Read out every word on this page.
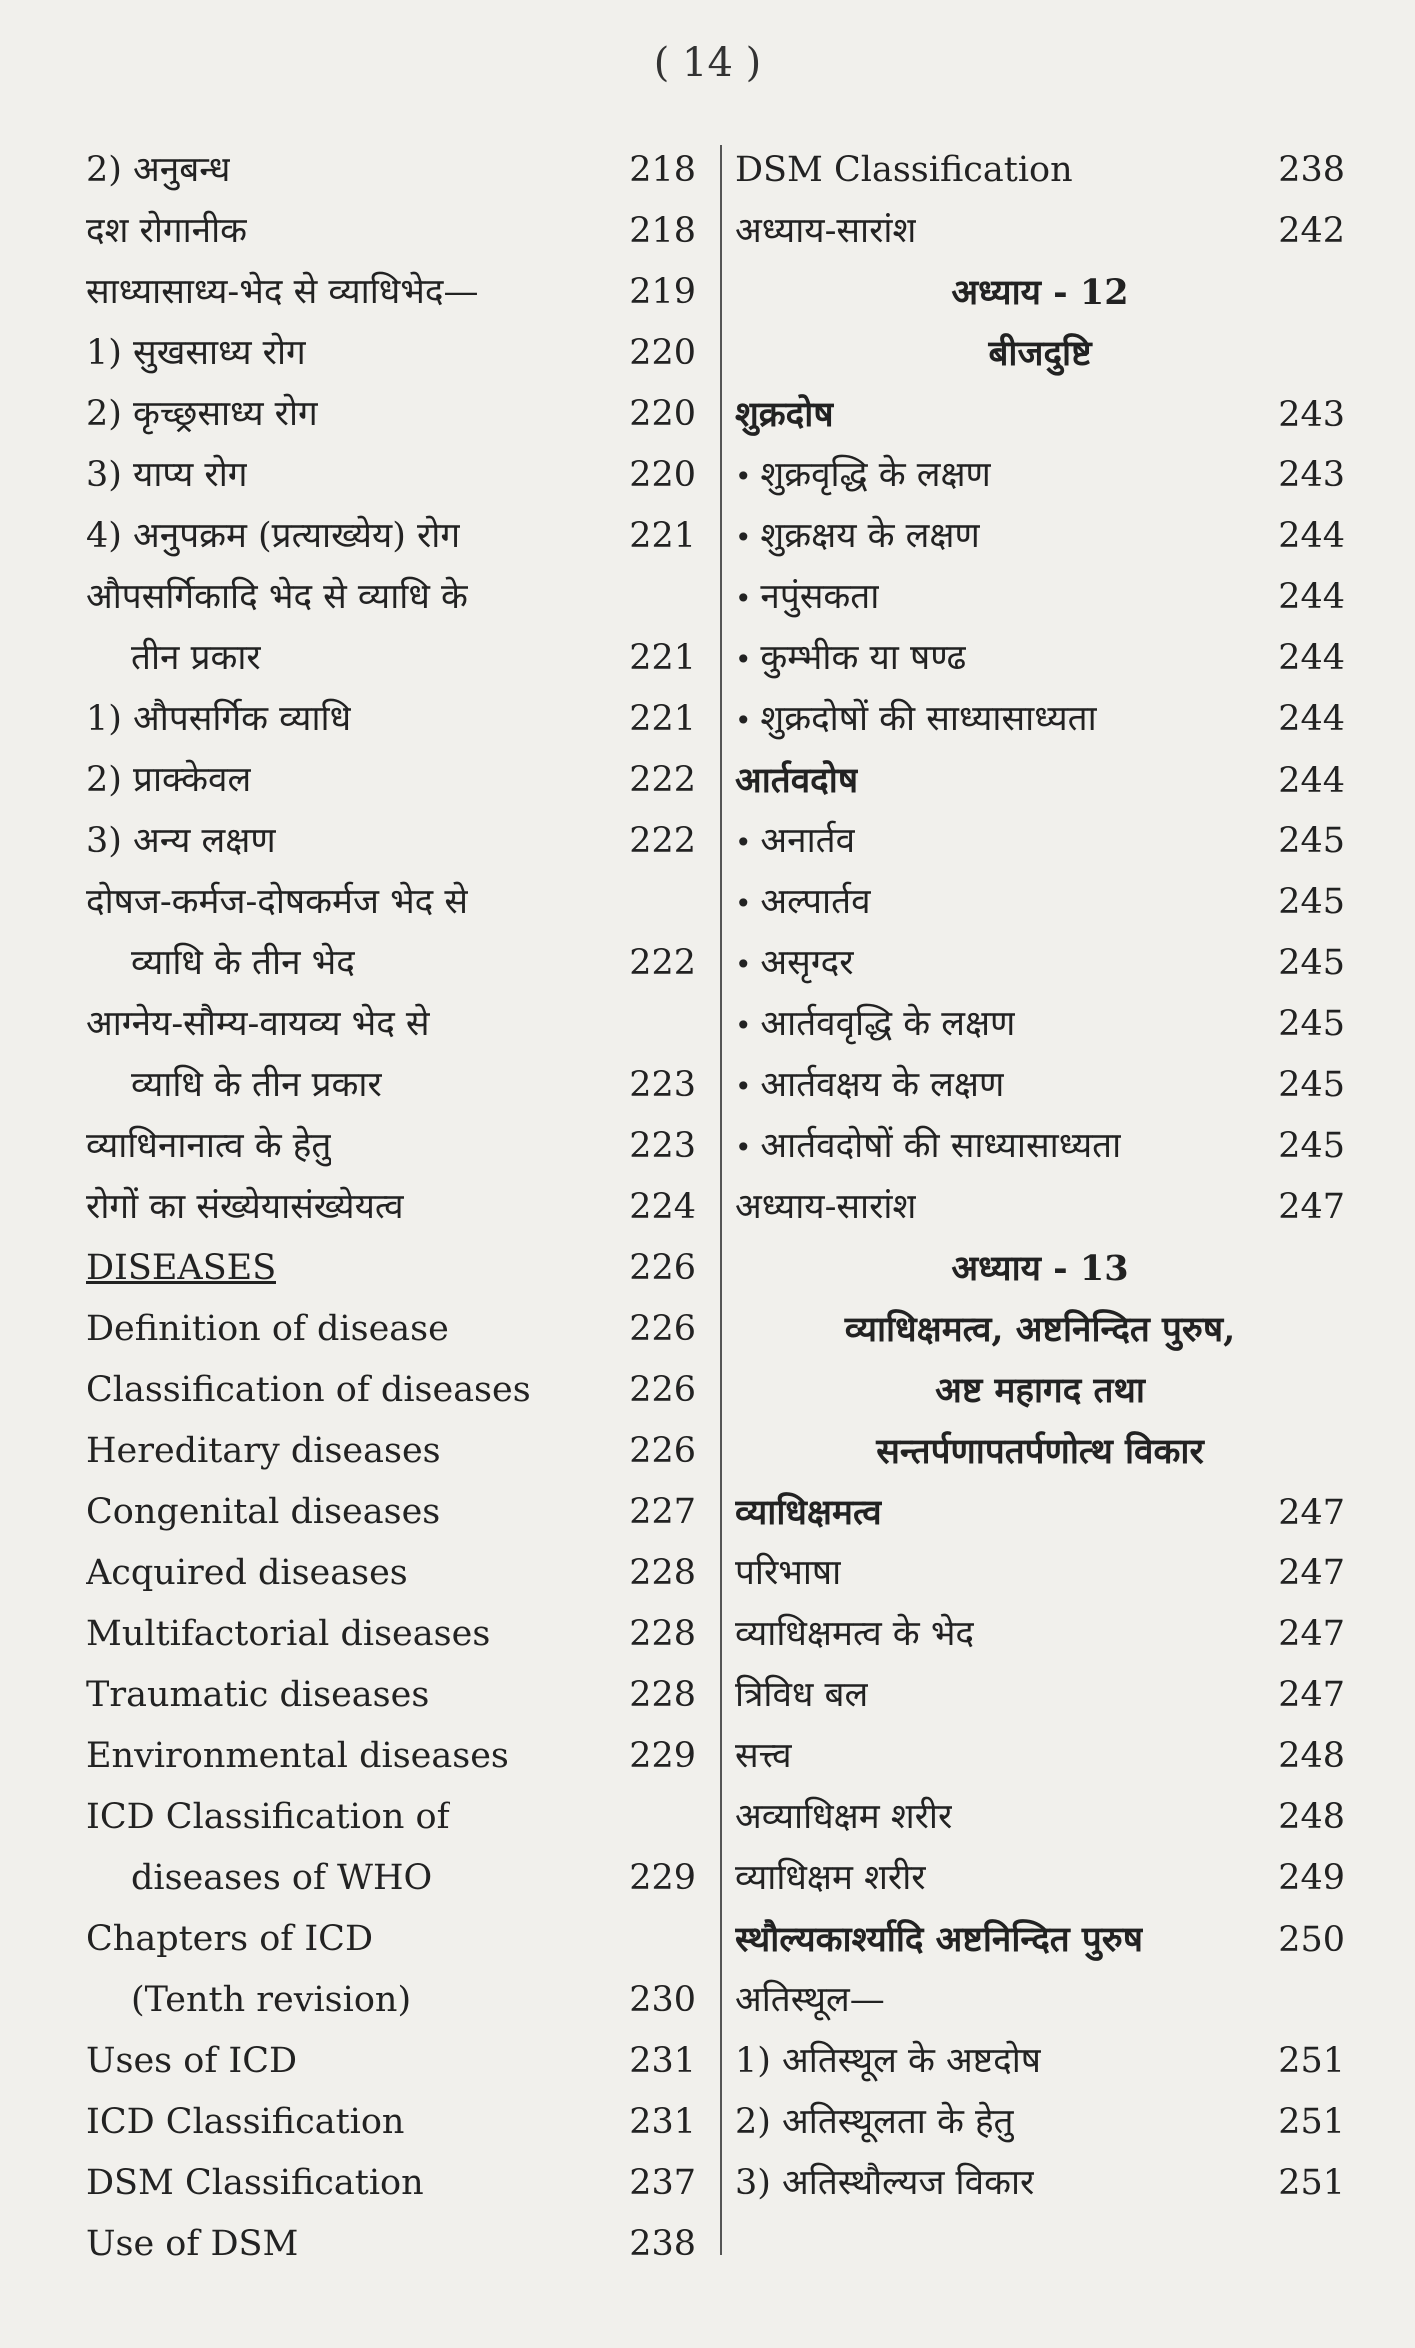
( 14 )
2) अनुबन्ध	218
दश रोगानीक	218
साध्यासाध्य-भेद से व्याधिभेद—	219
1) सुखसाध्य रोग	220
2) कृच्छ्रसाध्य रोग	220
3) याप्य रोग	220
4) अनुपक्रम (प्रत्याख्येय) रोग	221
औपसर्गिकादि भेद से व्याधि के
तीन प्रकार	221
1) औपसर्गिक व्याधि	221
2) प्राक्केवल	222
3) अन्य लक्षण	222
दोषज-कर्मज-दोषकर्मज भेद से
व्याधि के तीन भेद	222
आग्नेय-सौम्य-वायव्य भेद से
व्याधि के तीन प्रकार	223
व्याधिनानात्व के हेतु	223
रोगों का संख्येयासंख्येयत्व	224
DISEASES	226
Definition of disease	226
Classification of diseases	226
Hereditary diseases	226
Congenital diseases	227
Acquired diseases	228
Multifactorial diseases	228
Traumatic diseases	228
Environmental diseases	229
ICD Classification of
diseases of WHO	229
Chapters of ICD
(Tenth revision)	230
Uses of ICD	231
ICD Classification	231
DSM Classification	237
Use of DSM	238
DSM Classification	238
अध्याय-सारांश	242
अध्याय - 12
बीजदुष्टि
शुक्रदोष	243
• शुक्रवृद्धि के लक्षण	243
• शुक्रक्षय के लक्षण	244
• नपुंसकता	244
• कुम्भीक या षण्ढ	244
• शुक्रदोषों की साध्यासाध्यता	244
आर्तवदोष	244
• अनार्तव	245
• अल्पार्तव	245
• असृग्दर	245
• आर्तववृद्धि के लक्षण	245
• आर्तवक्षय के लक्षण	245
• आर्तवदोषों की साध्यासाध्यता	245
अध्याय-सारांश	247
अध्याय - 13
व्याधिक्षमत्व, अष्टनिन्दित पुरुष,
अष्ट महागद तथा
सन्तर्पणापतर्पणोत्थ विकार
व्याधिक्षमत्व	247
परिभाषा	247
व्याधिक्षमत्व के भेद	247
त्रिविध बल	247
सत्त्व	248
अव्याधिक्षम शरीर	248
व्याधिक्षम शरीर	249
स्थौल्यकार्श्यादि अष्टनिन्दित पुरुष	250
अतिस्थूल—
1) अतिस्थूल के अष्टदोष	251
2) अतिस्थूलता के हेतु	251
3) अतिस्थौल्यज विकार	251
